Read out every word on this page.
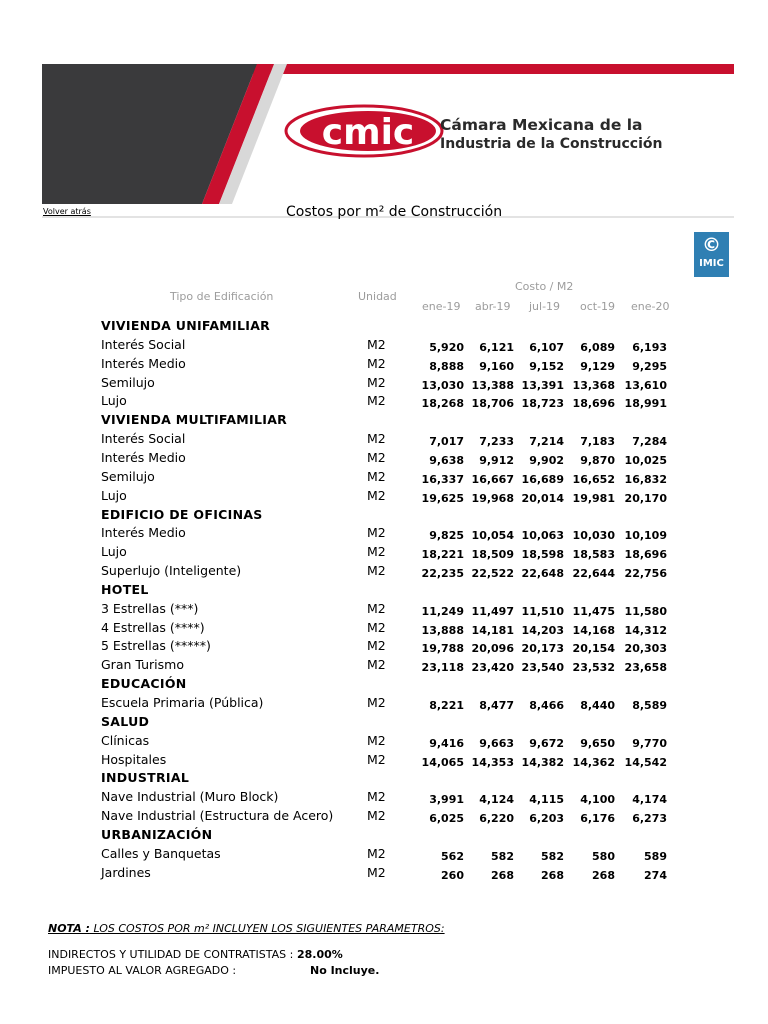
cmic Cámara Mexicana de la
Industria de la Construcción
Volver atrás	Costos por m² de Construcción
©
IMIC
Tipo de Edificación	Unidad
Costo / M2
ene-19 abr-19 jul-19 oct-19 ene-20
VIVIENDA UNIFAMILIAR
Interés Social	M2	5,920	6,121	6,107	6,089	6,193
Interés Medio	M2	8,888	9,160	9,152	9,129	9,295
Semilujo	M2	13,030 13,388 13,391 13,368 13,610
Lujo	M2	18,268 18,706 18,723 18,696 18,991
VIVIENDA MULTIFAMILIAR
Interés Social	M2	7,017	7,233	7,214	7,183	7,284
Interés Medio	M2	9,638	9,912	9,902	9,870 10,025
Semilujo	M2	16,337 16,667 16,689 16,652 16,832
Lujo	M2	19,625 19,968 20,014 19,981 20,170
EDIFICIO DE OFICINAS
Interés Medio	M2	9,825 10,054 10,063 10,030 10,109
Lujo	M2	18,221 18,509 18,598 18,583 18,696
Superlujo (Inteligente)	M2	22,235 22,522 22,648 22,644 22,756
HOTEL
3 Estrellas (***)	M2	11,249 11,497 11,510 11,475 11,580
4 Estrellas (****)	M2	13,888 14,181 14,203 14,168 14,312
5 Estrellas (*****)	M2	19,788 20,096 20,173 20,154 20,303
Gran Turismo	M2	23,118 23,420 23,540 23,532 23,658
EDUCACIÓN
Escuela Primaria (Pública)	M2	8,221	8,477	8,466	8,440	8,589
SALUD
Clínicas	M2	9,416	9,663	9,672	9,650	9,770
Hospitales	M2	14,065 14,353 14,382 14,362 14,542
INDUSTRIAL
Nave Industrial (Muro Block)	M2	3,991	4,124	4,115	4,100	4,174
Nave Industrial (Estructura de Acero)	M2	6,025	6,220	6,203	6,176	6,273
URBANIZACIÓN
Calles y Banquetas	M2	562	582	582	580	589
Jardines	M2	260	268	268	268	274
NOTA : LOS COSTOS POR m² INCLUYEN LOS SIGUIENTES PARAMETROS:
INDIRECTOS Y UTILIDAD DE CONTRATISTAS : 28.00%
IMPUESTO AL VALOR AGREGADO :	No Incluye.
